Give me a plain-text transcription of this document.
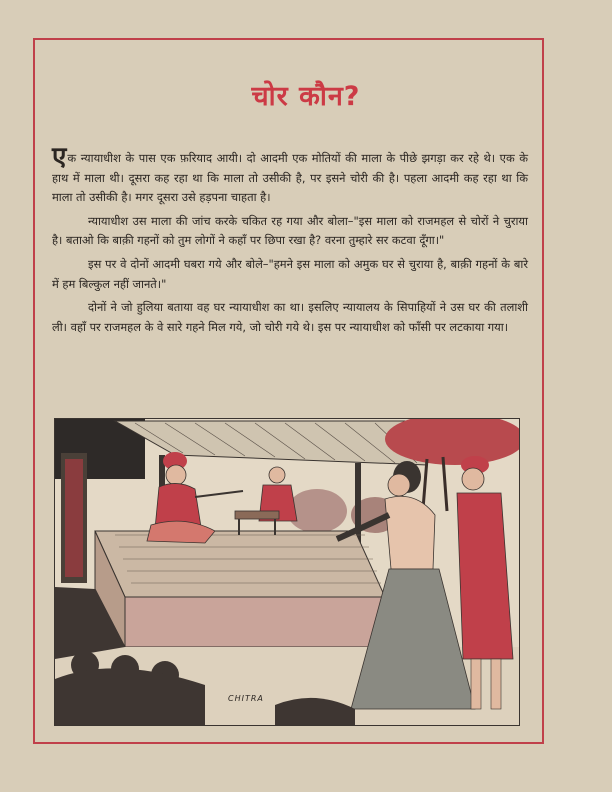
चोर कौन?

एक न्यायाधीश के पास एक फ़रियाद आयी। दो आदमी एक मोतियों की माला के पीछे झगड़ा कर रहे थे। एक के हाथ में माला थी। दूसरा कह रहा था कि माला तो उसीकी है, पर इसने चोरी की है। पहला आदमी कह रहा था कि माला तो उसीकी है। मगर दूसरा उसे हड़पना चाहता है।

न्यायाधीश उस माला की जांच करके चकित रह गया और बोला–"इस माला को राजमहल से चोरों ने चुराया है। बताओ कि बाक़ी गहनों को तुम लोगों ने कहाँ पर छिपा रखा है? वरना तुम्हारे सर कटवा दूँगा।"

इस पर वे दोनों आदमी घबरा गये और बोले–"हमने इस माला को अमुक घर से चुराया है, बाक़ी गहनों के बारे में हम बिल्कुल नहीं जानते।"

दोनों ने जो हुलिया बताया वह घर न्यायाधीश का था। इसलिए न्यायालय के सिपाहियों ने उस घर की तलाशी ली। वहाँ पर राजमहल के वे सारे गहने मिल गये, जो चोरी गये थे। इस पर न्यायाधीश को फाँसी पर लटकाया गया।

CHITRA
